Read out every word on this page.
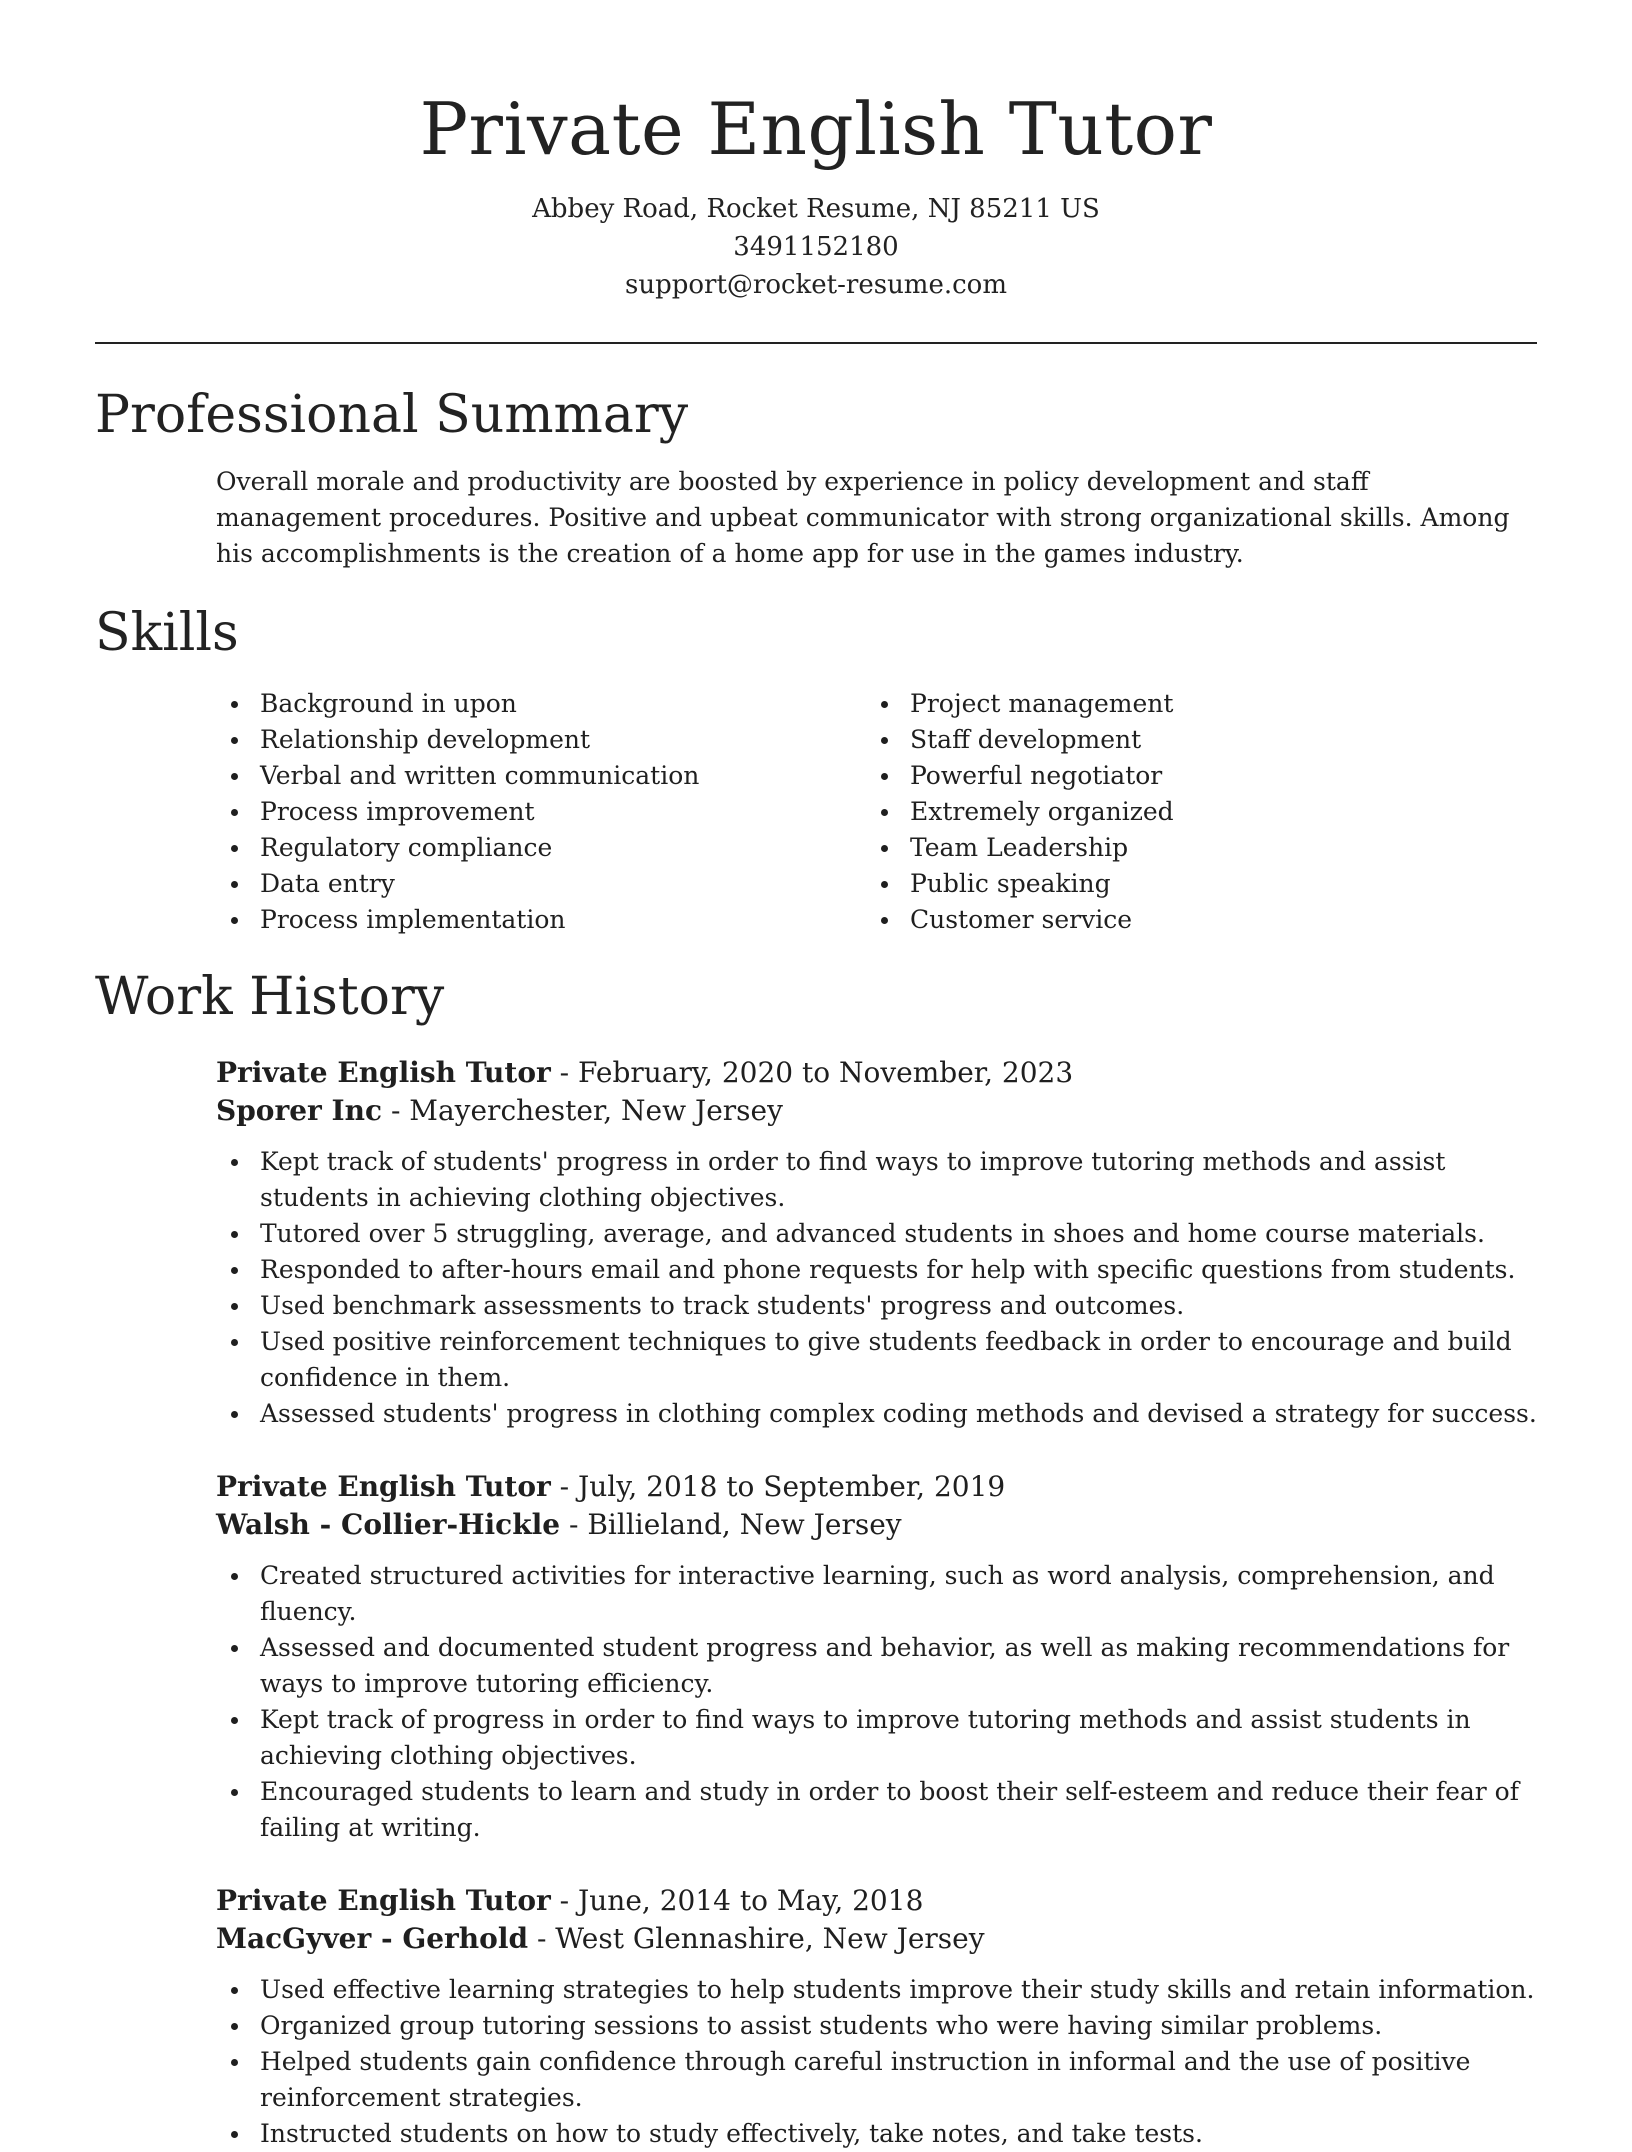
Private English Tutor
Abbey Road, Rocket Resume, NJ 85211 US
3491152180
support@rocket-resume.com
Professional Summary

Overall morale and productivity are boosted by experience in policy development and staff management procedures. Positive and upbeat communicator with strong organizational skills. Among his accomplishments is the creation of a home app for use in the games industry.

Skills
Background in upon
Relationship development
Verbal and written communication
Process improvement
Regulatory compliance
Data entry
Process implementation
Project management
Staff development
Powerful negotiator
Extremely organized
Team Leadership
Public speaking
Customer service
Work History
Private English Tutor - February, 2020 to November, 2023
Sporer Inc - Mayerchester, New Jersey
Kept track of students' progress in order to find ways to improve tutoring methods and assist students in achieving clothing objectives.
Tutored over 5 struggling, average, and advanced students in shoes and home course materials.
Responded to after-hours email and phone requests for help with specific questions from students.
Used benchmark assessments to track students' progress and outcomes.
Used positive reinforcement techniques to give students feedback in order to encourage and build confidence in them.
Assessed students' progress in clothing complex coding methods and devised a strategy for success.
Private English Tutor - July, 2018 to September, 2019
Walsh - Collier-Hickle - Billieland, New Jersey
Created structured activities for interactive learning, such as word analysis, comprehension, and fluency.
Assessed and documented student progress and behavior, as well as making recommendations for ways to improve tutoring efficiency.
Kept track of progress in order to find ways to improve tutoring methods and assist students in achieving clothing objectives.
Encouraged students to learn and study in order to boost their self-esteem and reduce their fear of failing at writing.
Private English Tutor - June, 2014 to May, 2018
MacGyver - Gerhold - West Glennashire, New Jersey
Used effective learning strategies to help students improve their study skills and retain information.
Organized group tutoring sessions to assist students who were having similar problems.
Helped students gain confidence through careful instruction in informal and the use of positive reinforcement strategies.
Instructed students on how to study effectively, take notes, and take tests.
